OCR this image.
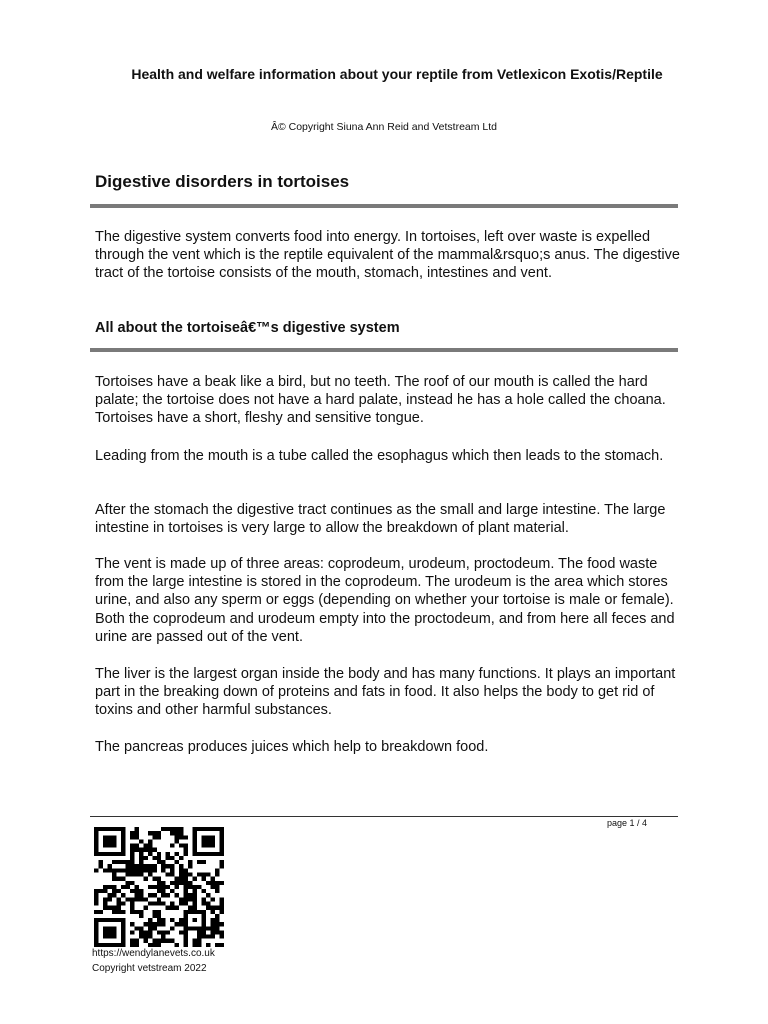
Health and welfare information about your reptile from Vetlexicon Exotis/Reptile
Â© Copyright Siuna Ann Reid and Vetstream Ltd
Digestive disorders in tortoises

The digestive system converts food into energy. In tortoises, left over waste is expelled through the vent which is the reptile equivalent of the mammal&rsquo;s anus. The digestive tract of the tortoise consists of the mouth, stomach, intestines and vent.

All about the tortoiseâ€™s digestive system

Tortoises have a beak like a bird, but no teeth. The roof of our mouth is called the hard palate; the tortoise does not have a hard palate, instead he has a hole called the choana. Tortoises have a short, fleshy and sensitive tongue.

Leading from the mouth is a tube called the esophagus which then leads to the stomach.

After the stomach the digestive tract continues as the small and large intestine. The large intestine in tortoises is very large to allow the breakdown of plant material.

The vent is made up of three areas: coprodeum, urodeum, proctodeum. The food waste from the large intestine is stored in the coprodeum. The urodeum is the area which stores urine, and also any sperm or eggs (depending on whether your tortoise is male or female). Both the coprodeum and urodeum empty into the proctodeum, and from here all feces and urine are passed out of the vent.

The liver is the largest organ inside the body and has many functions. It plays an important part in the breaking down of proteins and fats in food. It also helps the body to get rid of toxins and other harmful substances.

The pancreas produces juices which help to breakdown food.

page 1 / 4
https://wendylanevets.co.uk
Copyright vetstream 2022
